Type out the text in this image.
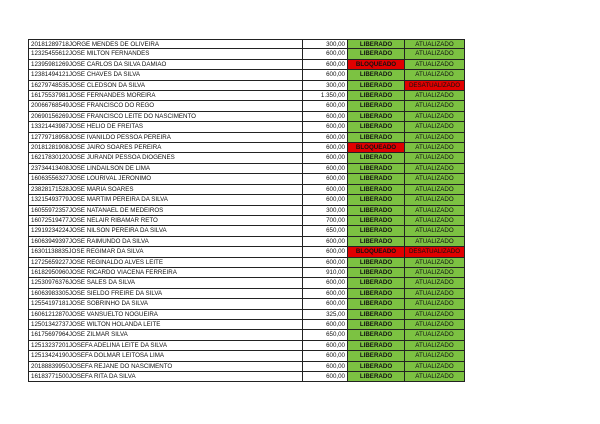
20181289718JORGE MENDES DE OLIVEIRA	300,00	LIBERADO	ATUALIZADO
12325455612JOSE MILTON FERNANDES	600,00	LIBERADO	ATUALIZADO
12395981269JOSE CARLOS DA SILVA DAMIAO	600,00	BLOQUEADO	ATUALIZADO
12381494121JOSE CHAVES DA SILVA	600,00	LIBERADO	ATUALIZADO
16279748535JOSE CLEDSON DA SILVA	300,00	LIBERADO	DESATUALIZADO
16175537981JOSE FERNANDES MOREIRA	1.350,00	LIBERADO	ATUALIZADO
20066768549JOSE FRANCISCO DO REGO	600,00	LIBERADO	ATUALIZADO
20690156269JOSE FRANCISCO LEITE DO NASCIMENTO	600,00	LIBERADO	ATUALIZADO
13321443987JOSE HELIO DE FREITAS	600,00	LIBERADO	ATUALIZADO
12779718958JOSE IVANILDO PESSOA PEREIRA	600,00	LIBERADO	ATUALIZADO
20181281908JOSE JAIRO SOARES PEREIRA	600,00	BLOQUEADO	ATUALIZADO
16217830120JOSE JURANDI PESSOA DIOGENES	600,00	LIBERADO	ATUALIZADO
23734413408JOSE LINDAILSON DE LIMA	600,00	LIBERADO	ATUALIZADO
16063556327JOSE LOURIVAL JERONIMO	600,00	LIBERADO	ATUALIZADO
23828171528JOSE MARIA SOARES	600,00	LIBERADO	ATUALIZADO
13215493779JOSE MARTIM PEREIRA DA SILVA	600,00	LIBERADO	ATUALIZADO
16055972357JOSE NATANAEL DE MEDEIROS	300,00	LIBERADO	ATUALIZADO
16072519477JOSE NELAIR RIBAMAR RETO	700,00	LIBERADO	ATUALIZADO
12919234224JOSE NILSON PEREIRA DA SILVA	650,00	LIBERADO	ATUALIZADO
16063949397JOSE RAIMUNDO DA SILVA	600,00	LIBERADO	ATUALIZADO
16301138835JOSE REGIMAR DA SILVA	600,00	BLOQUEADO	DESATUALIZADO
12725659227JOSE REGINALDO ALVES LEITE	600,00	LIBERADO	ATUALIZADO
16182950960JOSE RICARDO VIACENA FERREIRA	910,00	LIBERADO	ATUALIZADO
12530976376JOSE SALES DA SILVA	600,00	LIBERADO	ATUALIZADO
16063983305JOSE SIELDO FREIRE DA SILVA	600,00	LIBERADO	ATUALIZADO
12554197181JOSE SOBRINHO DA SILVA	600,00	LIBERADO	ATUALIZADO
16061212870JOSE VANSUELTO NOGUEIRA	325,00	LIBERADO	ATUALIZADO
12501342737JOSE WILTON HOLANDA LEITE	600,00	LIBERADO	ATUALIZADO
16175697964JOSE ZILMAR SILVA	650,00	LIBERADO	ATUALIZADO
12513237201JOSEFA ADELINA LEITE DA SILVA	600,00	LIBERADO	ATUALIZADO
12513424190JOSEFA DOLMAR LEITOSA LIMA	600,00	LIBERADO	ATUALIZADO
20188839950JOSEFA REJANE DO NASCIMENTO	600,00	LIBERADO	ATUALIZADO
16183771500JOSEFA RITA DA SILVA	600,00	LIBERADO	ATUALIZADO
